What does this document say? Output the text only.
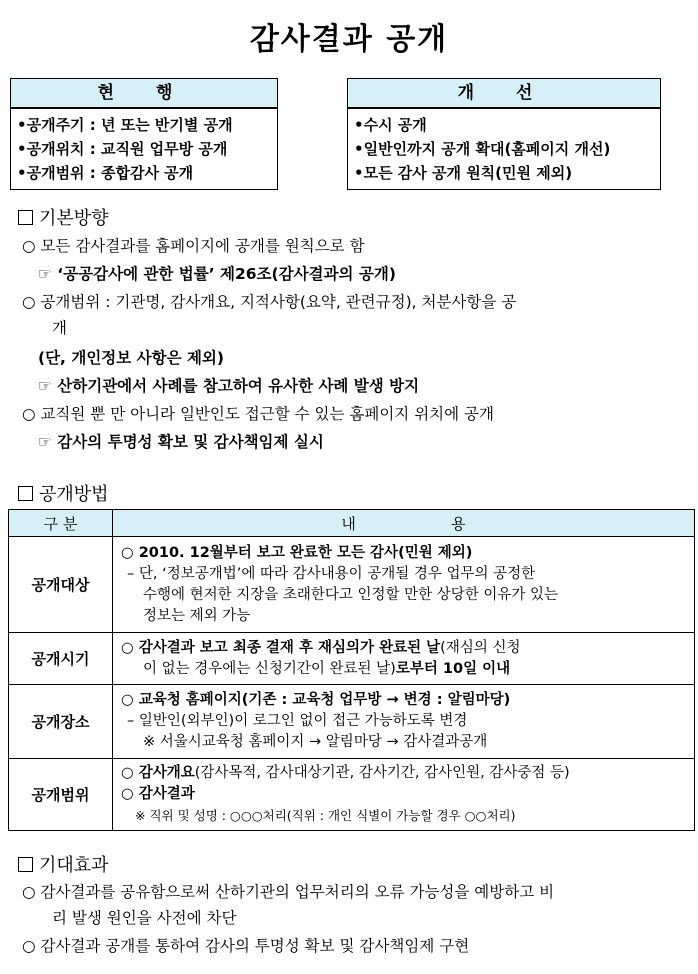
감사결과 공개
현 행
•공개주기 : 년 또는 반기별 공개
•공개위치 : 교직원 업무방 공개
•공개범위 : 종합감사 공개
개 선
•수시 공개
•일반인까지 공개 확대(홈페이지 개선)
•모든 감사 공개 원칙(민원 제외)
기본방향
○ 모든 감사결과를 홈페이지에 공개를 원칙으로 함
☞ ‘공공감사에 관한 법률’ 제26조(감사결과의 공개)
○ 공개범위 : 기관명, 감사개요, 지적사항(요약, 관련규정), 처분사항을 공
개
(단, 개인정보 사항은 제외)
☞ 산하기관에서 사례를 참고하여 유사한 사례 발생 방지
○ 교직원 뿐 만 아니라 일반인도 접근할 수 있는 홈페이지 위치에 공개
☞ 감사의 투명성 확보 및 감사책임제 실시
공개방법
구 분	내                    용
공개대상	○ 2010. 12월부터 보고 완료한 모든 감사(민원 제외)
– 단, ‘정보공개법’에 따라 감사내용이 공개될 경우 업무의 공정한
수행에 현저한 지장을 초래한다고 인정할 만한 상당한 이유가 있는
정보는 제외 가능

공개시기	○ 감사결과 보고 최종 결재 후 재심의가 완료된 날(재심의 신청
이 없는 경우에는 신청기간이 완료된 날)로부터 10일 이내

공개장소	○ 교육청 홈페이지(기존 : 교육청 업무방 → 변경 : 알림마당)
– 일반인(외부인)이 로그인 없이 접근 가능하도록 변경
※ 서울시교육청 홈페이지 → 알림마당 → 감사결과공개

공개범위	○ 감사개요(감사목적, 감사대상기관, 감사기간, 감사인원, 감사중점 등)
○ 감사결과
※ 직위 및 성명 : ○○○처리(직위 : 개인 식별이 가능할 경우 ○○처리)
기대효과
○ 감사결과를 공유함으로써 산하기관의 업무처리의 오류 가능성을 예방하고 비
리 발생 원인을 사전에 차단
○ 감사결과 공개를 통하여 감사의 투명성 확보 및 감사책임제 구현
